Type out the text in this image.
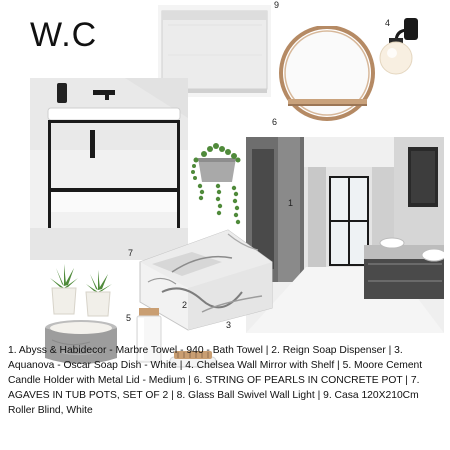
W.C
9
6
4
7
1
2
3
5
1. Abyss & Habidecor - Marbre Towel - 940 - Bath Towel | 2. Reign Soap Dispenser | 3. Aquanova - Oscar Soap Dish - White | 4. Chelsea Wall Mirror with Shelf | 5. Moore Cement Candle Holder with Metal Lid - Medium | 6. STRING OF PEARLS IN CONCRETE POT | 7. AGAVES IN TUB POTS, SET OF 2 | 8. Glass Ball Swivel Wall Light | 9. Casa 120X210Cm Roller Blind, White
